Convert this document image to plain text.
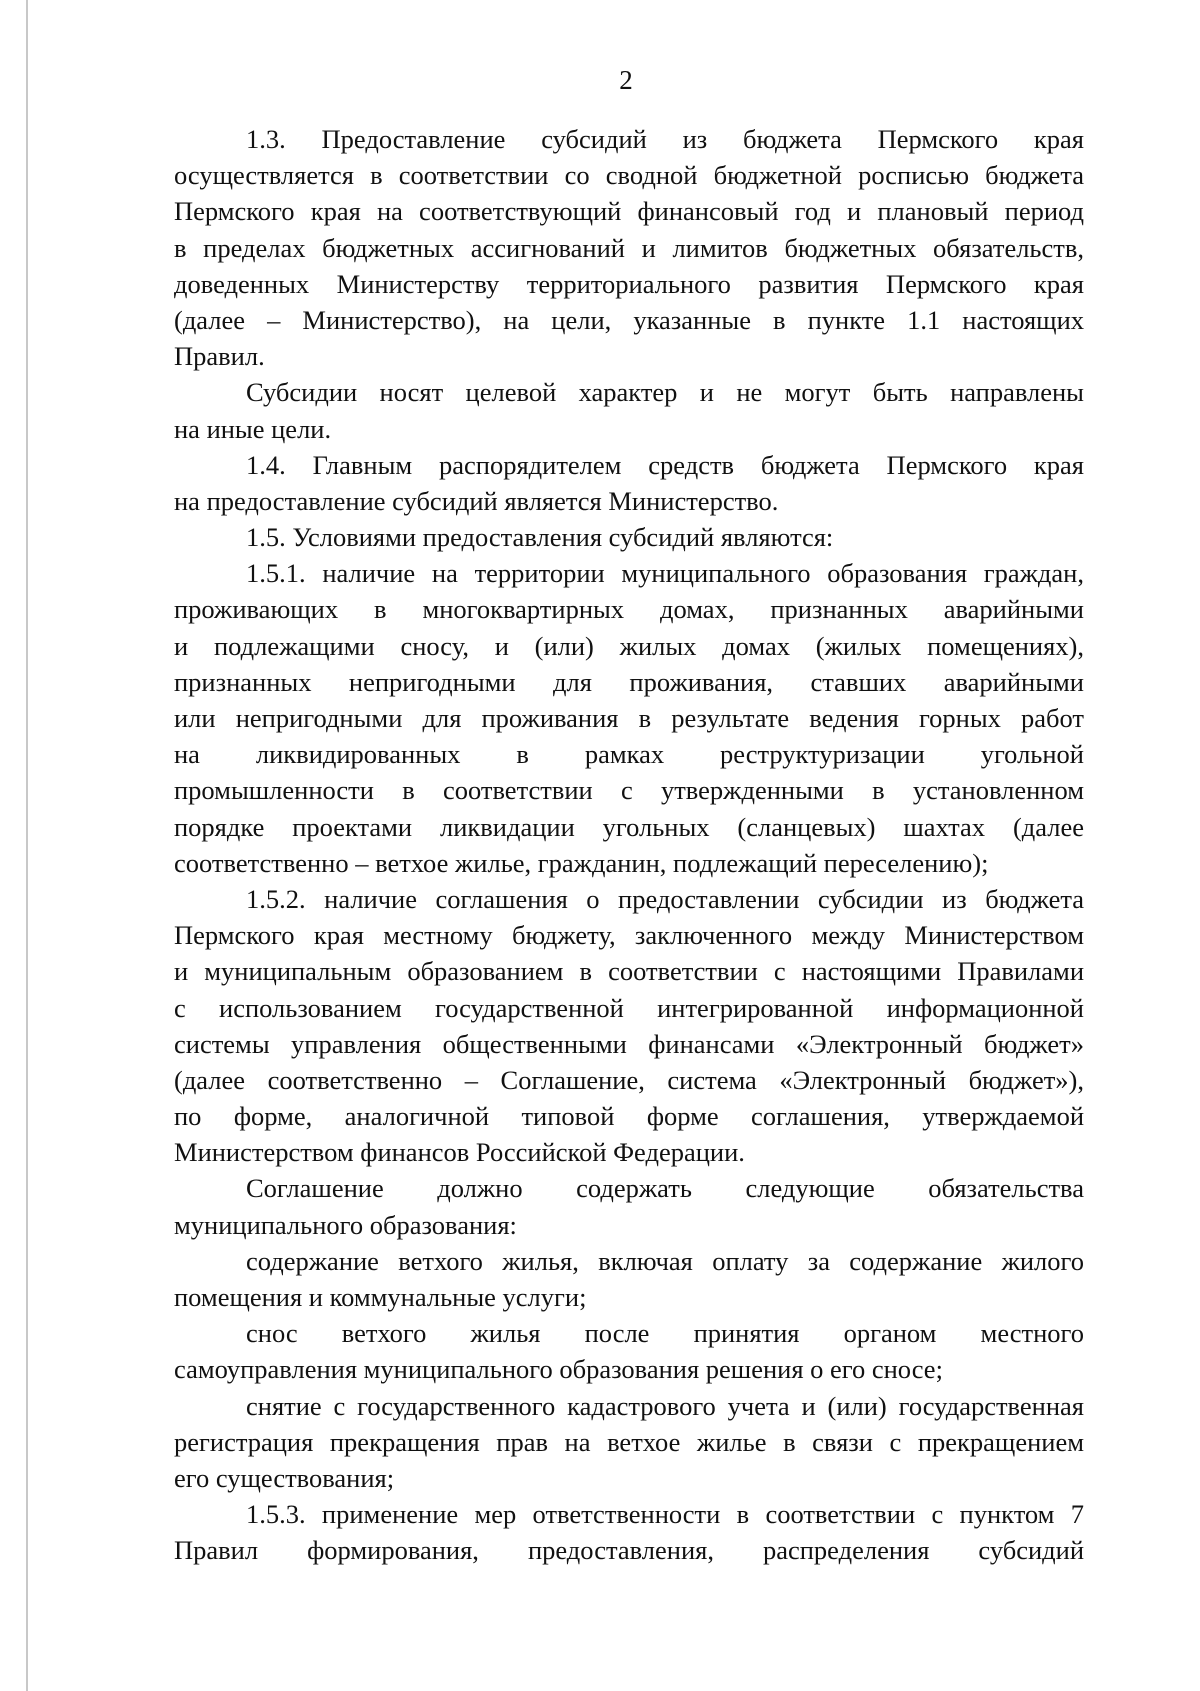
2
1.3. Предоставление субсидий из бюджета Пермского края
осуществляется в соответствии со сводной бюджетной росписью бюджета
Пермского края на соответствующий финансовый год и плановый период
в пределах бюджетных ассигнований и лимитов бюджетных обязательств,
доведенных Министерству территориального развития Пермского края
(далее – Министерство), на цели, указанные в пункте 1.1 настоящих
Правил.
Субсидии носят целевой характер и не могут быть направлены
на иные цели.
1.4. Главным распорядителем средств бюджета Пермского края
на предоставление субсидий является Министерство.
1.5. Условиями предоставления субсидий являются:
1.5.1. наличие на территории муниципального образования граждан,
проживающих в многоквартирных домах, признанных аварийными
и подлежащими сносу, и (или) жилых домах (жилых помещениях),
признанных непригодными для проживания, ставших аварийными
или непригодными для проживания в результате ведения горных работ
на ликвидированных в рамках реструктуризации угольной
промышленности в соответствии с утвержденными в установленном
порядке проектами ликвидации угольных (сланцевых) шахтах (далее
соответственно – ветхое жилье, гражданин, подлежащий переселению);
1.5.2. наличие соглашения о предоставлении субсидии из бюджета
Пермского края местному бюджету, заключенного между Министерством
и муниципальным образованием в соответствии с настоящими Правилами
с использованием государственной интегрированной информационной
системы управления общественными финансами «Электронный бюджет»
(далее соответственно – Соглашение, система «Электронный бюджет»),
по форме, аналогичной типовой форме соглашения, утверждаемой
Министерством финансов Российской Федерации.
Соглашение должно содержать следующие обязательства
муниципального образования:
содержание ветхого жилья, включая оплату за содержание жилого
помещения и коммунальные услуги;
снос ветхого жилья после принятия органом местного
самоуправления муниципального образования решения о его сносе;
снятие с государственного кадастрового учета и (или) государственная
регистрация прекращения прав на ветхое жилье в связи с прекращением
его существования;
1.5.3. применение мер ответственности в соответствии с пунктом 7
Правил формирования, предоставления, распределения субсидий
